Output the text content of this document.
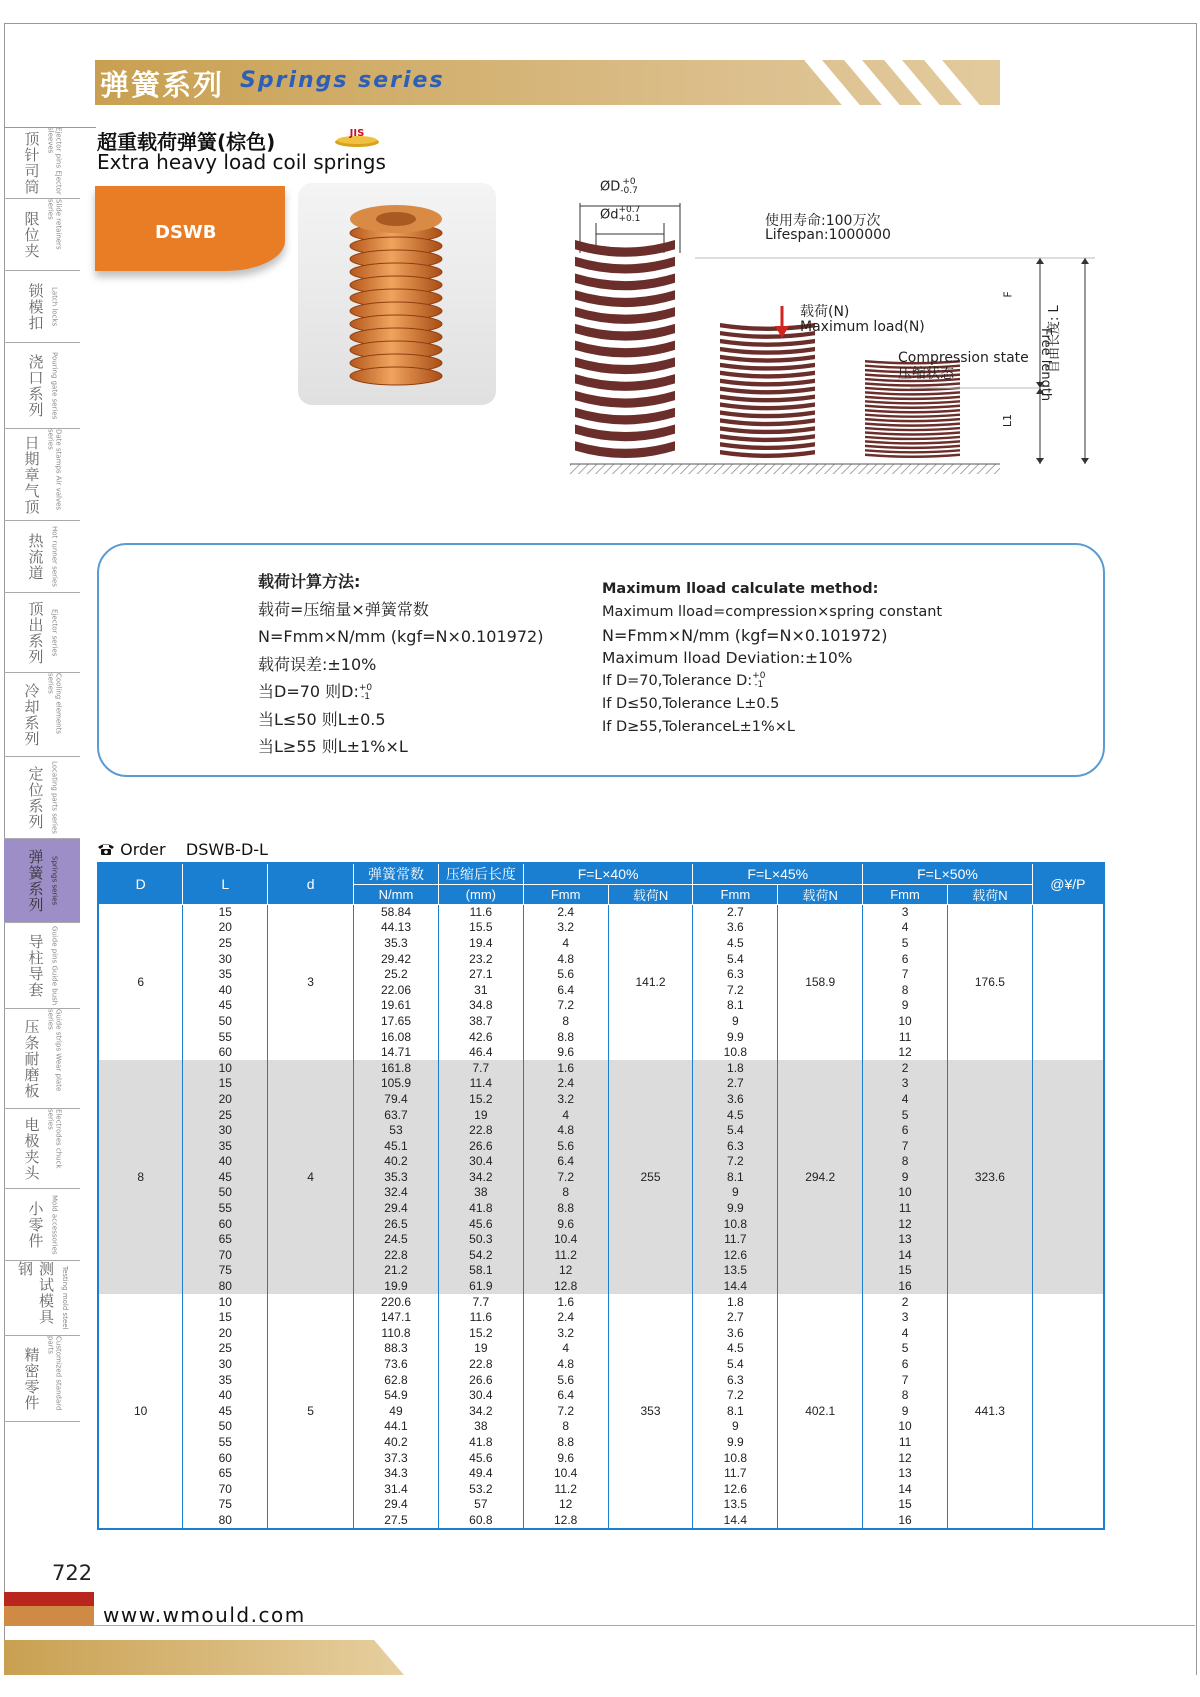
弹簧系列 Springs series
顶针司筒	Ejector pins Ejector sleeves
限位夹	Slide retainers series
锁模扣 Latch locks
浇口系列 Pouring gate series
日期章气顶	Date stamps Air valves series
热流道 Hot runner series
顶出系列 Ejector series
冷却系列	Cooling elements series
定位系列 Locating parts series
弹簧系列 Springs series
导柱导套 Guide pins Guide bush
压条耐磨板	Guide strips Wear plate series
电极夹头	Electrodes chuck series
小零件 Mold accessories
测试模具钢	Testing mold steel
精密零件	Customized standard parts
超重载荷弹簧(棕色)	JIS
Extra heavy load coil springs
DSWB
ØD +0
-0.7
Ød+0.7
+0.1	使用寿命:100万次
Lifespan:1000000
载荷(N)
Maximum load(N)
Compression state
压缩状态
F
L1
自由长度: L
Free length
载荷计算方法:
载荷=压缩量×弹簧常数
N=Fmm×N/mm (kgf=N×0.101972)
载荷误差:±10%
当D=70 则D:+0
-1
当L≤50 则L±0.5
当L≥55 则L±1%×L
Maximum lload calculate method:
Maximum lload=compression×spring constant
N=Fmm×N/mm (kgf=N×0.101972)
Maximum lload Deviation:±10%
If D=70,Tolerance D:+0
-1
If D≤50,Tolerance L±0.5
If D≥55,ToleranceL±1%×L
Order DSWB-D-L
D	L	d	弹簧常数	压缩后长度	F=L×40%		F=L×45%		F=L×50%		@¥/P
			N/mm	(mm)	Fmm	载荷N	Fmm	载荷N	Fmm	载荷N	
6	15	3	58.84	11.6	2.4	141.2	2.7	158.9	3	176.5	
	20		44.13	15.5	3.2		3.6		4		
	25		35.3	19.4	4		4.5		5		
	30		29.42	23.2	4.8		5.4		6		
	35		25.2	27.1	5.6		6.3		7		
	40		22.06	31	6.4		7.2		8		
	45		19.61	34.8	7.2		8.1		9		
	50		17.65	38.7	8		9		10		
	55		16.08	42.6	8.8		9.9		11		
	60		14.71	46.4	9.6		10.8		12		
8	10	4	161.8	7.7	1.6	255	1.8	294.2	2	323.6	
	15		105.9	11.4	2.4		2.7		3		
	20		79.4	15.2	3.2		3.6		4		
	25		63.7	19	4		4.5		5		
	30		53	22.8	4.8		5.4		6		
	35		45.1	26.6	5.6		6.3		7		
	40		40.2	30.4	6.4		7.2		8		
	45		35.3	34.2	7.2		8.1		9		
	50		32.4	38	8		9		10		
	55		29.4	41.8	8.8		9.9		11		
	60		26.5	45.6	9.6		10.8		12		
	65		24.5	50.3	10.4		11.7		13		
	70		22.8	54.2	11.2		12.6		14		
	75		21.2	58.1	12		13.5		15		
	80		19.9	61.9	12.8		14.4		16		
10	10	5	220.6	7.7	1.6	353	1.8	402.1	2	441.3	
	15		147.1	11.6	2.4		2.7		3		
	20		110.8	15.2	3.2		3.6		4		
	25		88.3	19	4		4.5		5		
	30		73.6	22.8	4.8		5.4		6		
	35		62.8	26.6	5.6		6.3		7		
	40		54.9	30.4	6.4		7.2		8		
	45		49	34.2	7.2		8.1		9		
	50		44.1	38	8		9		10		
	55		40.2	41.8	8.8		9.9		11		
	60		37.3	45.6	9.6		10.8		12		
	65		34.3	49.4	10.4		11.7		13		
	70		31.4	53.2	11.2		12.6		14		
	75		29.4	57	12		13.5		15		
	80		27.5	60.8	12.8		14.4		16		
722
www.wmould.com
